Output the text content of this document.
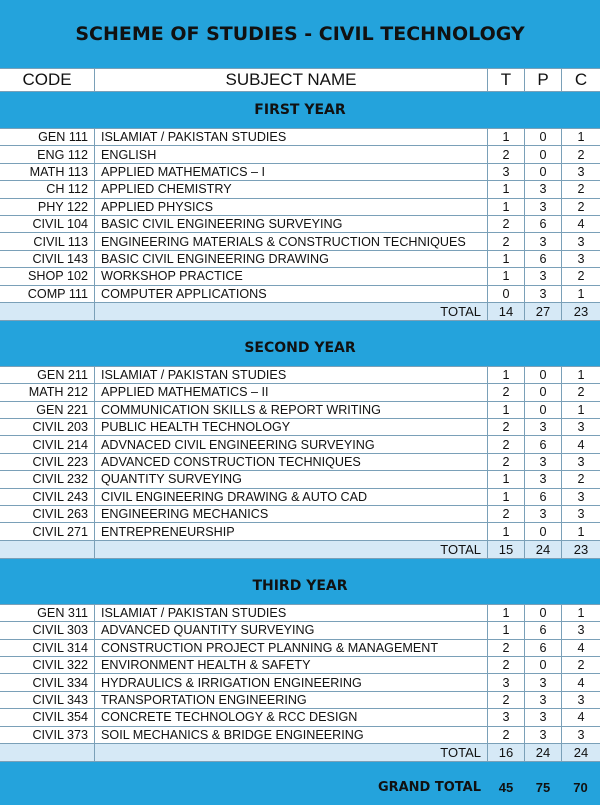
SCHEME OF STUDIES - CIVIL TECHNOLOGY
CODE	SUBJECT NAME	T	P	C
FIRST YEAR
GEN 111	ISLAMIAT / PAKISTAN STUDIES	1	0	1
ENG 112	ENGLISH	2	0	2
MATH 113	APPLIED MATHEMATICS – I	3	0	3
CH 112	APPLIED CHEMISTRY	1	3	2
PHY 122	APPLIED PHYSICS	1	3	2
CIVIL 104	BASIC CIVIL ENGINEERING SURVEYING	2	6	4
CIVIL 113	ENGINEERING MATERIALS & CONSTRUCTION TECHNIQUES	2	3	3
CIVIL 143	BASIC CIVIL ENGINEERING DRAWING	1	6	3
SHOP 102	WORKSHOP PRACTICE	1	3	2
COMP 111	COMPUTER APPLICATIONS	0	3	1
TOTAL	14	27	23
SECOND YEAR
GEN 211	ISLAMIAT / PAKISTAN STUDIES	1	0	1
MATH 212	APPLIED MATHEMATICS – II	2	0	2
GEN 221	COMMUNICATION SKILLS & REPORT WRITING	1	0	1
CIVIL 203	PUBLIC HEALTH TECHNOLOGY	2	3	3
CIVIL 214	ADVNACED CIVIL ENGINEERING SURVEYING	2	6	4
CIVIL 223	ADVANCED CONSTRUCTION TECHNIQUES	2	3	3
CIVIL 232	QUANTITY SURVEYING	1	3	2
CIVIL 243	CIVIL ENGINEERING DRAWING & AUTO CAD	1	6	3
CIVIL 263	ENGINEERING MECHANICS	2	3	3
CIVIL 271	ENTREPRENEURSHIP	1	0	1
TOTAL	15	24	23
THIRD YEAR
GEN 311	ISLAMIAT / PAKISTAN STUDIES	1	0	1
CIVIL 303	ADVANCED QUANTITY SURVEYING	1	6	3
CIVIL 314	CONSTRUCTION PROJECT PLANNING & MANAGEMENT	2	6	4
CIVIL 322	ENVIRONMENT HEALTH & SAFETY	2	0	2
CIVIL 334	HYDRAULICS & IRRIGATION ENGINEERING	3	3	4
CIVIL 343	TRANSPORTATION ENGINEERING	2	3	3
CIVIL 354	CONCRETE TECHNOLOGY & RCC DESIGN	3	3	4
CIVIL 373	SOIL MECHANICS & BRIDGE ENGINEERING	2	3	3
TOTAL	16	24	24
GRAND TOTAL	45	75	70
